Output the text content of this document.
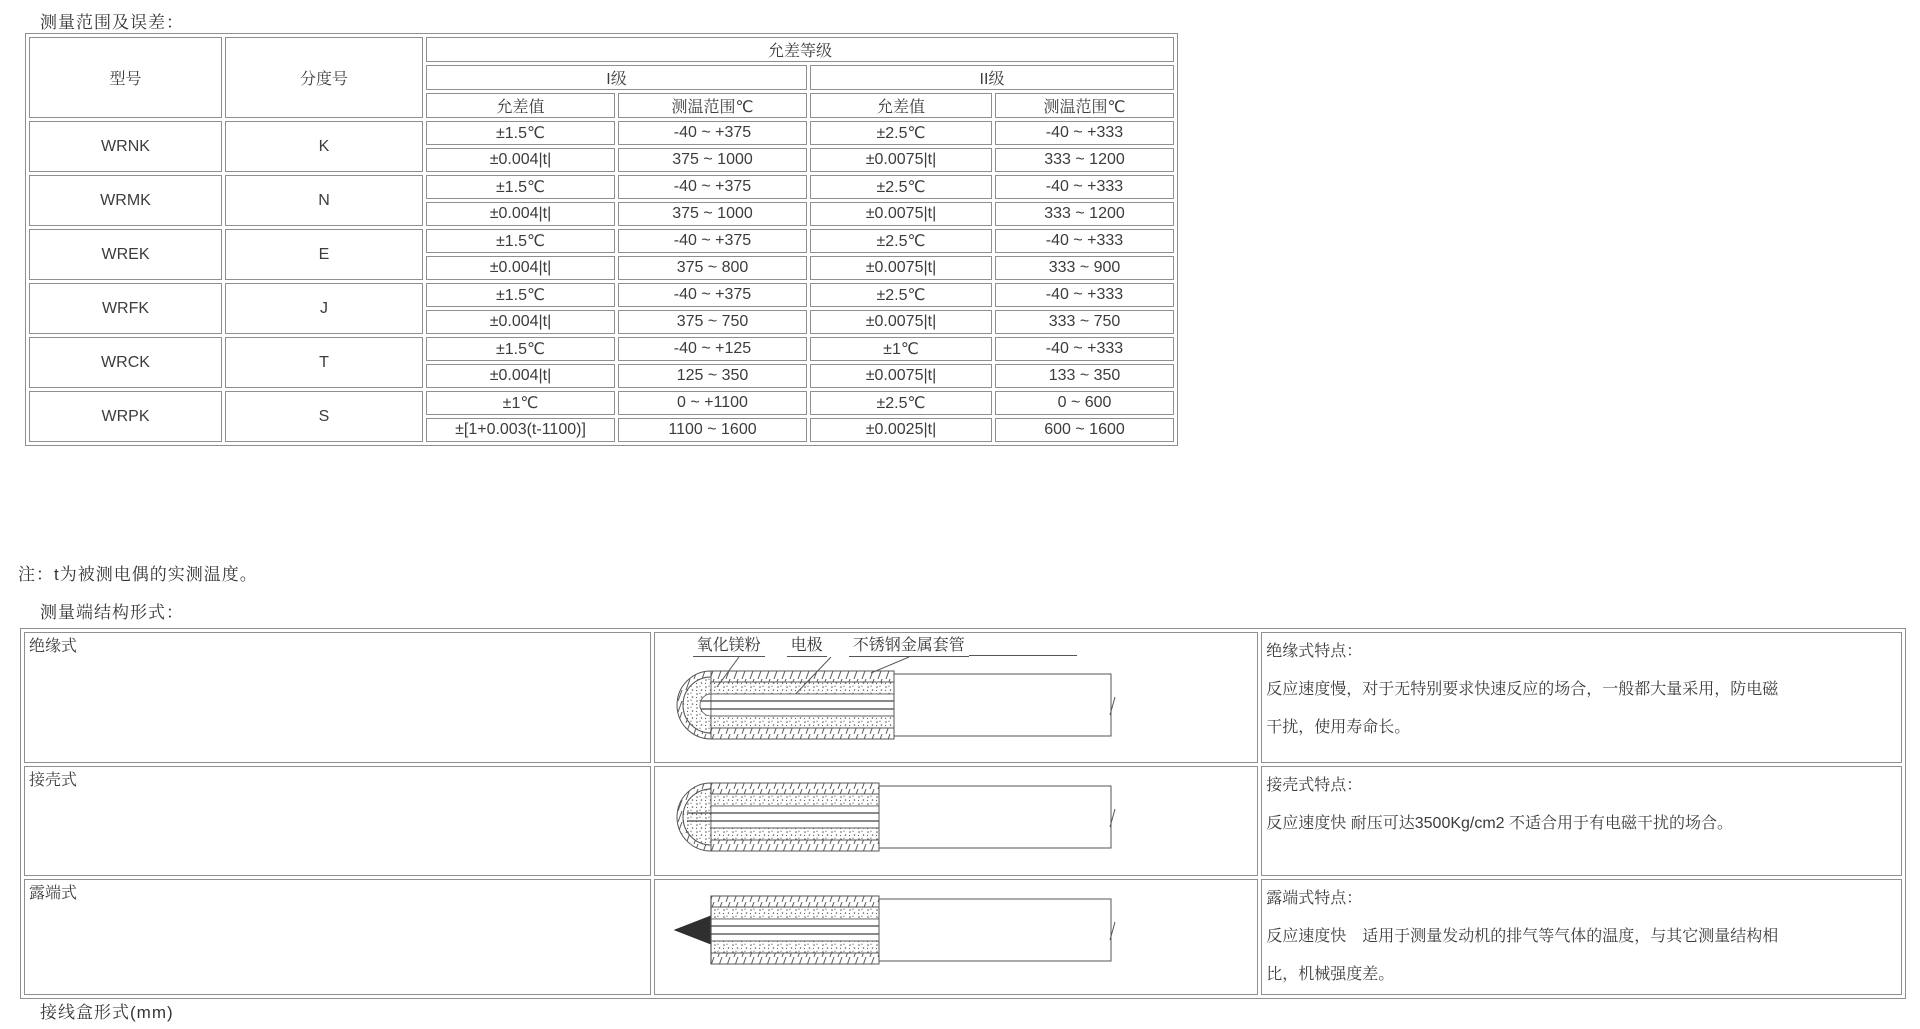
测量范围及误差：
型号	分度号	允差等级			
		I级		II级	
		允差值	测温范围℃	允差值	测温范围℃
WRNK	K	±1.5℃	-40 ~ +375	±2.5℃	-40 ~ +333
		±0.004|t|	375 ~ 1000	±0.0075|t|	333 ~ 1200
WRMK	N	±1.5℃	-40 ~ +375	±2.5℃	-40 ~ +333
		±0.004|t|	375 ~ 1000	±0.0075|t|	333 ~ 1200
WREK	E	±1.5℃	-40 ~ +375	±2.5℃	-40 ~ +333
		±0.004|t|	375 ~ 800	±0.0075|t|	333 ~ 900
WRFK	J	±1.5℃	-40 ~ +375	±2.5℃	-40 ~ +333
		±0.004|t|	375 ~ 750	±0.0075|t|	333 ~ 750
WRCK	T	±1.5℃	-40 ~ +125	±1℃	-40 ~ +333
		±0.004|t|	125 ~ 350	±0.0075|t|	133 ~ 350
WRPK	S	±1℃	0 ~ +1100	±2.5℃	0 ~ 600
		±[1+0.003(t-1100)]	1100 ~ 1600	±0.0025|t|	600 ~ 1600
注：t为被测电偶的实测温度。
测量端结构形式：
绝缘式	氧化镁粉 电极 不锈钢金属套管	绝缘式特点：
反应速度慢，对于无特别要求快速反应的场合，一般都大量采用，防电磁
干扰，使用寿命长。

接壳式		接壳式特点：
反应速度快 耐压可达3500Kg/cm2 不适合用于有电磁干扰的场合。

露端式		露端式特点：
反应速度快　适用于测量发动机的排气等气体的温度，与其它测量结构相
比，机械强度差。
接线盒形式(mm)
